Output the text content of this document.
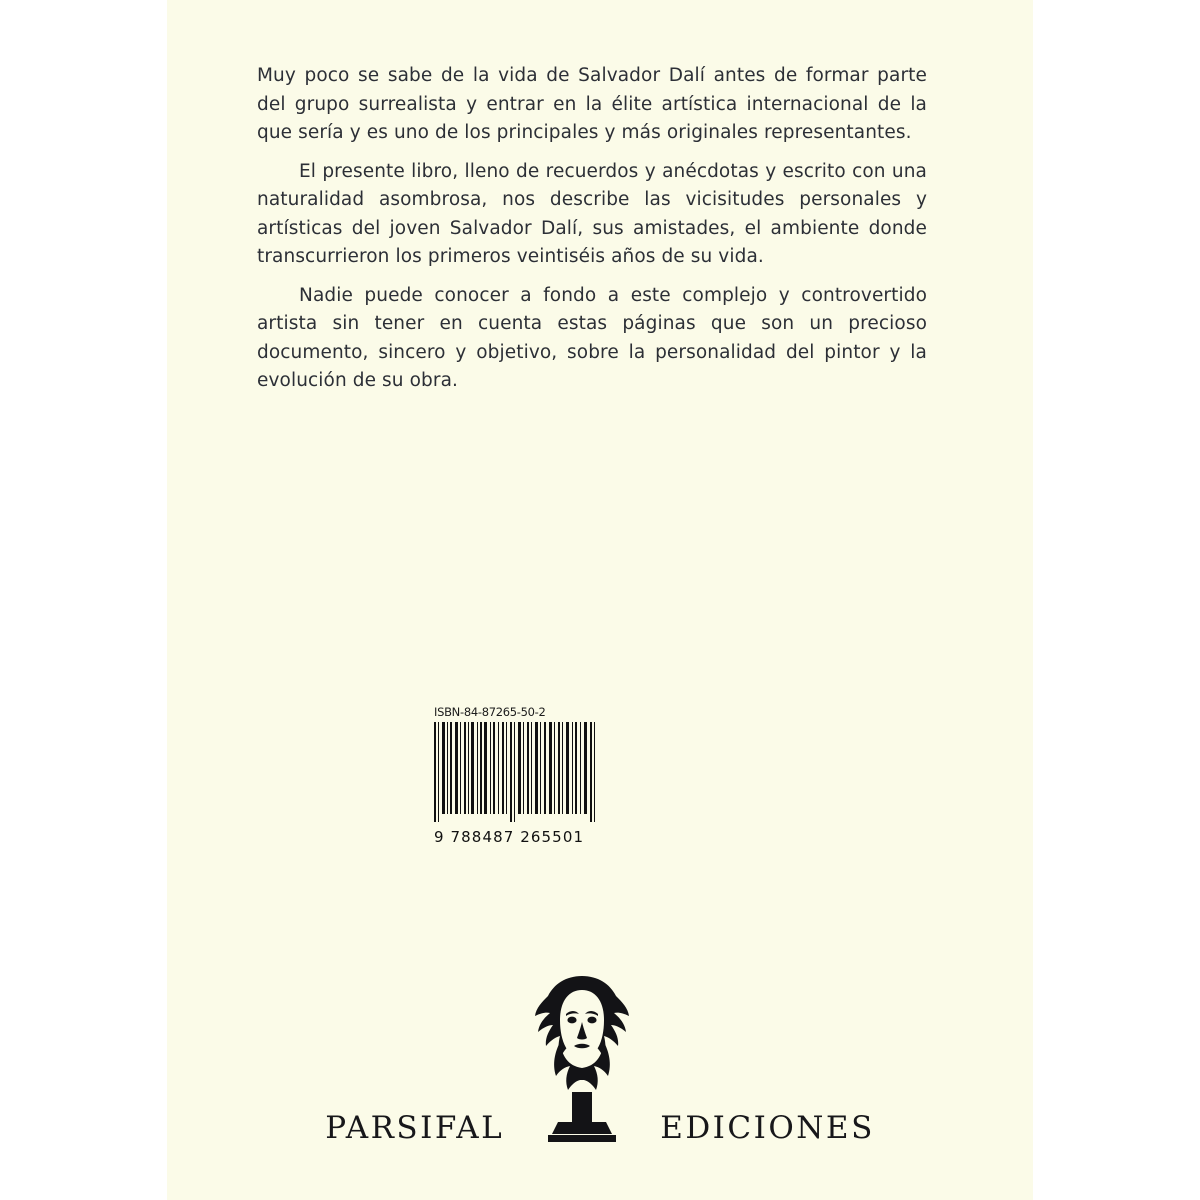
Muy poco se sabe de la vida de Salvador Dalí antes de formar parte del grupo surrealista y entrar en la élite artística internacional de la que sería y es uno de los principales y más originales representantes.

El presente libro, lleno de recuerdos y anécdotas y escrito con una naturalidad asombrosa, nos describe las vicisitudes personales y artísticas del joven Salvador Dalí, sus amistades, el ambiente donde transcurrieron los primeros veintiséis años de su vida.

Nadie puede conocer a fondo a este complejo y controvertido artista sin tener en cuenta estas páginas que son un precioso documento, sincero y objetivo, sobre la personalidad del pintor y la evolución de su obra.

ISBN-84-87265-50-2
9 788487 265501
PARSIFAL	EDICIONES
